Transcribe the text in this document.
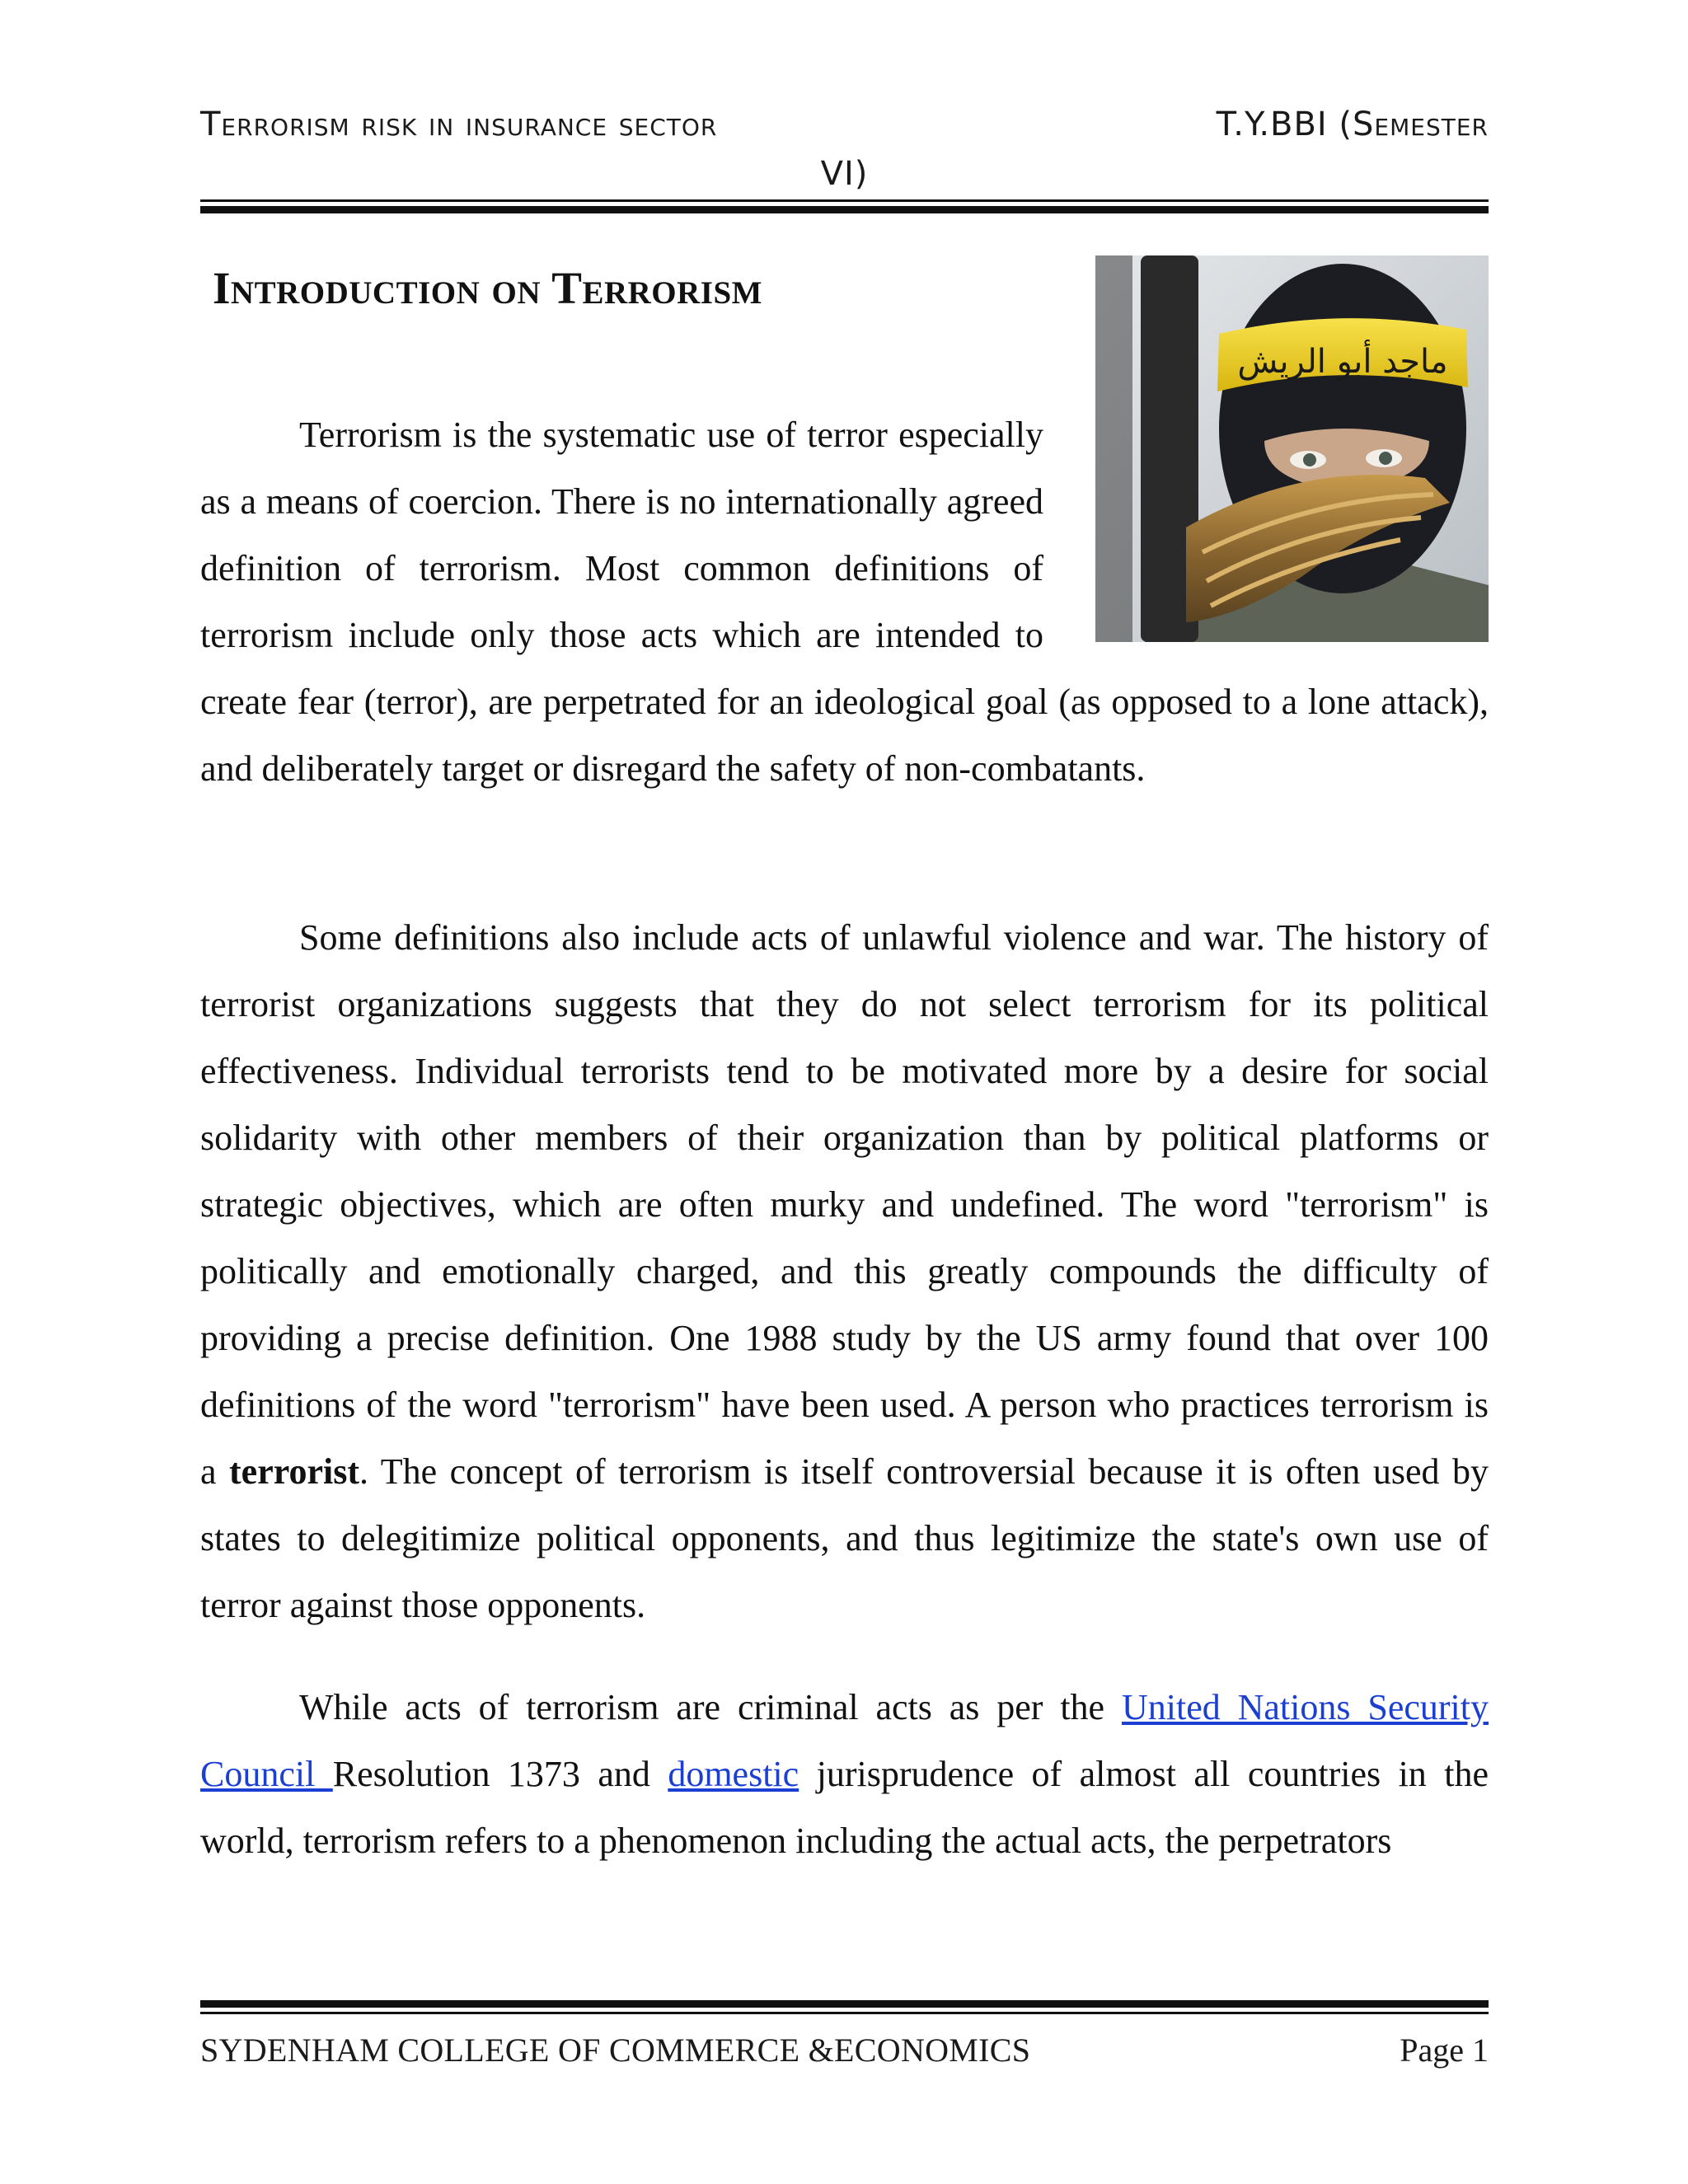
Terrorism risk in insurance sector	T.Y.BBI (Semester
VI)
Introduction on Terrorism
ماجد أبو الريش

Terrorism is the systematic use of terror especially as a means of coercion. There is no internationally agreed definition of terrorism. Most common definitions of terrorism include only those acts which are intended to create fear (terror), are perpetrated for an ideological goal (as opposed to a lone attack), and deliberately target or disregard the safety of non-combatants.

Some definitions also include acts of unlawful violence and war. The history of terrorist organizations suggests that they do not select terrorism for its political effectiveness. Individual terrorists tend to be motivated more by a desire for social solidarity with other members of their organization than by political platforms or strategic objectives, which are often murky and undefined. The word "terrorism" is politically and emotionally charged, and this greatly compounds the difficulty of providing a precise definition. One 1988 study by the US army found that over 100 definitions of the word "terrorism" have been used. A person who practices terrorism is a terrorist. The concept of terrorism is itself controversial because it is often used by states to delegitimize political opponents, and thus legitimize the state's own use of terror against those opponents.

While acts of terrorism are criminal acts as per the United Nations Security Council Resolution 1373 and domestic jurisprudence of almost all countries in the world, terrorism refers to a phenomenon including the actual acts, the perpetrators

SYDENHAM COLLEGE OF COMMERCE &ECONOMICS	Page 1
